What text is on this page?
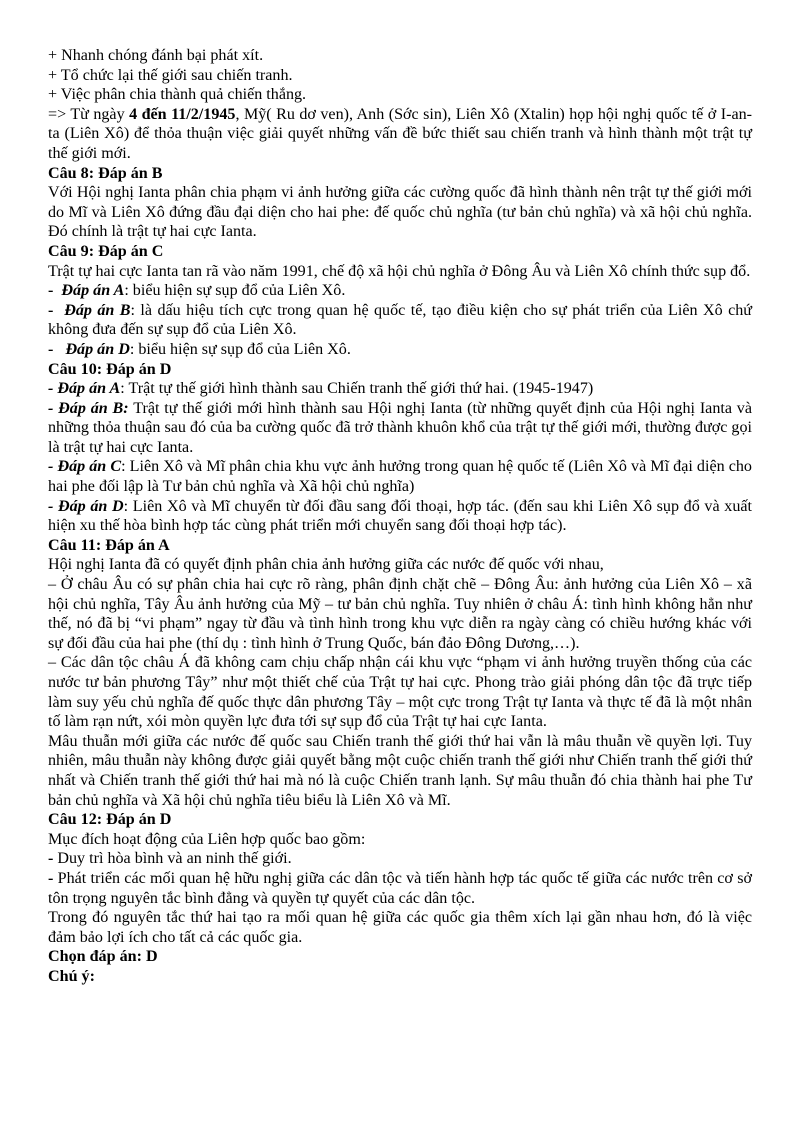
+ Nhanh chóng đánh bại phát xít.

+ Tổ chức lại thế giới sau chiến tranh.

+ Việc phân chia thành quả chiến thắng.

=> Từ ngày 4 đến 11/2/1945, Mỹ( Ru dơ ven), Anh (Sớc sin), Liên Xô (Xtalin) họp hội nghị quốc tế ở I-an-ta (Liên Xô) để thỏa thuận việc giải quyết những vấn đề bức thiết sau chiến tranh và hình thành một trật tự thế giới mới.

Câu 8: Đáp án B

Với Hội nghị Ianta phân chia phạm vi ảnh hưởng giữa các cường quốc đã hình thành nên trật tự thế giới mới do Mĩ và Liên Xô đứng đầu đại diện cho hai phe: đế quốc chủ nghĩa (tư bản chủ nghĩa) và xã hội chủ nghĩa. Đó chính là trật tự hai cực Ianta.

Câu 9: Đáp án C

Trật tự hai cực Ianta tan rã vào năm 1991, chế độ xã hội chủ nghĩa ở Đông Âu và Liên Xô chính thức sụp đổ.

-  Đáp án A: biểu hiện sự sụp đổ của Liên Xô.

-  Đáp án B: là dấu hiệu tích cực trong quan hệ quốc tế, tạo điều kiện cho sự phát triển của Liên Xô chứ không đưa đến sự sụp đổ của Liên Xô.

-   Đáp án D: biểu hiện sự sụp đổ của Liên Xô.

Câu 10: Đáp án D

- Đáp án A: Trật tự thế giới hình thành sau Chiến tranh thế giới thứ hai. (1945-1947)

- Đáp án B: Trật tự thế giới mới hình thành sau Hội nghị Ianta (từ những quyết định của Hội nghị Ianta và những thỏa thuận sau đó của ba cường quốc đã trở thành khuôn khổ của trật tự thế giới mới, thường được gọi là trật tự hai cực Ianta.

- Đáp án C: Liên Xô và Mĩ phân chia khu vực ảnh hưởng trong quan hệ quốc tế (Liên Xô và Mĩ đại diện cho hai phe đối lập là Tư bản chủ nghĩa và Xã hội chủ nghĩa)

- Đáp án D: Liên Xô và Mĩ chuyển từ đối đầu sang đối thoại, hợp tác. (đến sau khi Liên Xô sụp đổ và xuất hiện xu thế hòa bình hợp tác cùng phát triển mới chuyển sang đối thoại hợp tác).

Câu 11: Đáp án A

Hội nghị Ianta đã có quyết định phân chia ảnh hưởng giữa các nước đế quốc với nhau,

– Ở châu Âu có sự phân chia hai cực rõ ràng, phân định chặt chẽ – Đông Âu: ảnh hưởng của Liên Xô – xã hội chủ nghĩa, Tây Âu ảnh hưởng của Mỹ – tư bản chủ nghĩa. Tuy nhiên ở châu Á: tình hình không hẳn như thế, nó đã bị “vi phạm” ngay từ đầu và tình hình trong khu vực diễn ra ngày càng có chiều hướng khác với sự đối đầu của hai phe (thí dụ : tình hình ở Trung Quốc, bán đảo Đông Dương,…).

– Các dân tộc châu Á đã không cam chịu chấp nhận cái khu vực “phạm vi ảnh hưởng truyền thống của các nước tư bản phương Tây” như một thiết chế của Trật tự hai cực. Phong trào giải phóng dân tộc đã trực tiếp làm suy yếu chủ nghĩa đế quốc thực dân phương Tây – một cực trong Trật tự Ianta và thực tế đã là một nhân tố làm rạn nứt, xói mòn quyền lực đưa tới sự sụp đổ của Trật tự hai cực Ianta.

Mâu thuẫn mới giữa các nước đế quốc sau Chiến tranh thế giới thứ hai vẫn là mâu thuẫn về quyền lợi. Tuy nhiên, mâu thuẫn này không được giải quyết bằng một cuộc chiến tranh thế giới như Chiến tranh thế giới thứ nhất và Chiến tranh thế giới thứ hai mà nó là cuộc Chiến tranh lạnh. Sự mâu thuẫn đó chia thành hai phe Tư bản chủ nghĩa và Xã hội chủ nghĩa tiêu biểu là Liên Xô và Mĩ.

Câu 12: Đáp án D

Mục đích hoạt động của Liên hợp quốc bao gồm:

- Duy trì hòa bình và an ninh thế giới.

- Phát triển các mối quan hệ hữu nghị giữa các dân tộc và tiến hành hợp tác quốc tế giữa các nước trên cơ sở tôn trọng nguyên tắc bình đẳng và quyền tự quyết của các dân tộc.

Trong đó nguyên tắc thứ hai tạo ra mối quan hệ giữa các quốc gia thêm xích lại gần nhau hơn, đó là việc đảm bảo lợi ích cho tất cả các quốc gia.

Chọn đáp án: D

Chú ý:
